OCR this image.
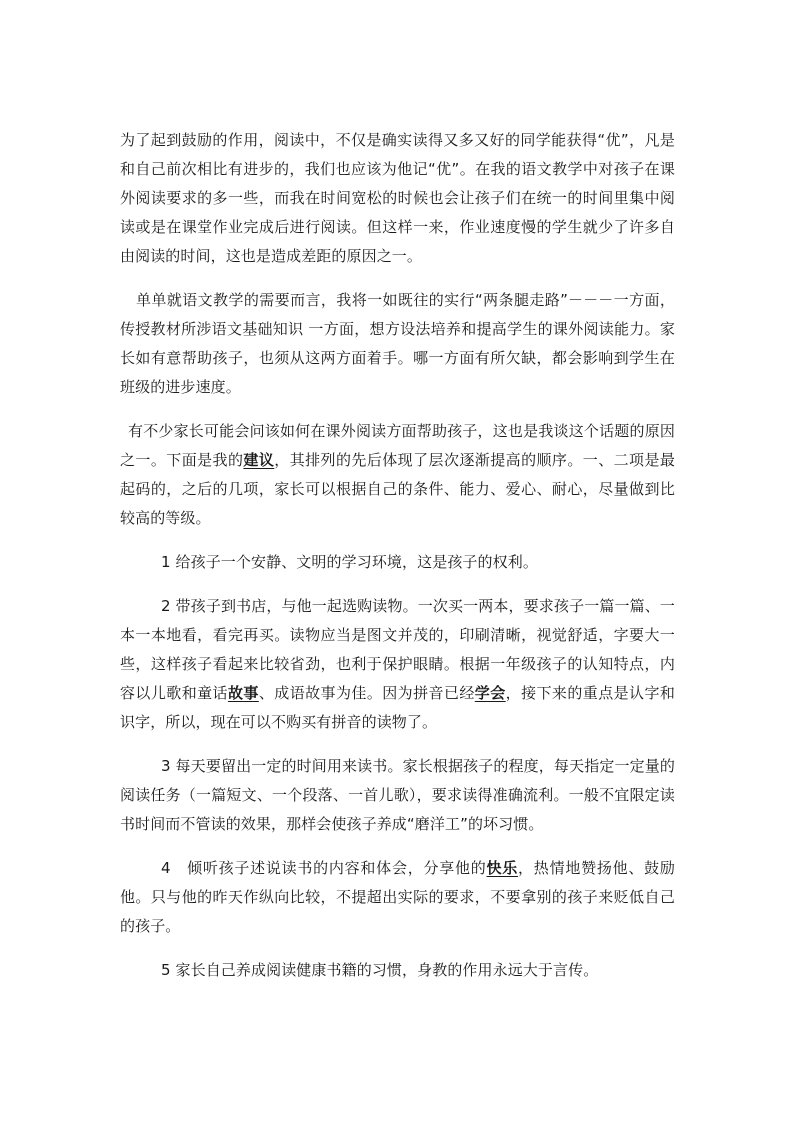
为了起到鼓励的作用，阅读中，不仅是确实读得又多又好的同学能获得“优”，凡是和自己前次相比有进步的，我们也应该为他记“优”。在我的语文教学中对孩子在课外阅读要求的多一些，而我在时间宽松的时候也会让孩子们在统一的时间里集中阅读或是在课堂作业完成后进行阅读。但这样一来，作业速度慢的学生就少了许多自由阅读的时间，这也是造成差距的原因之一。

单单就语文教学的需要而言，我将一如既往的实行“两条腿走路”－－－一方面，传授教材所涉语文基础知识 一方面，想方设法培养和提高学生的课外阅读能力。家长如有意帮助孩子，也须从这两方面着手。哪一方面有所欠缺，都会影响到学生在班级的进步速度。

有不少家长可能会问该如何在课外阅读方面帮助孩子，这也是我谈这个话题的原因之一。下面是我的建议，其排列的先后体现了层次逐渐提高的顺序。一、二项是最起码的，之后的几项，家长可以根据自己的条件、能力、爱心、耐心，尽量做到比较高的等级。

1 给孩子一个安静、文明的学习环境，这是孩子的权利。

2 带孩子到书店，与他一起选购读物。一次买一两本，要求孩子一篇一篇、一本一本地看，看完再买。读物应当是图文并茂的，印刷清晰，视觉舒适，字要大一些，这样孩子看起来比较省劲，也利于保护眼睛。根据一年级孩子的认知特点，内容以儿歌和童话故事、成语故事为佳。因为拼音已经学会，接下来的重点是认字和识字，所以，现在可以不购买有拼音的读物了。

3 每天要留出一定的时间用来读书。家长根据孩子的程度，每天指定一定量的阅读任务（一篇短文、一个段落、一首儿歌），要求读得准确流利。一般不宜限定读书时间而不管读的效果，那样会使孩子养成“磨洋工”的坏习惯。

4　倾听孩子述说读书的内容和体会，分享他的快乐，热情地赞扬他、鼓励他。只与他的昨天作纵向比较，不提超出实际的要求，不要拿别的孩子来贬低自己的孩子。

5 家长自己养成阅读健康书籍的习惯，身教的作用永远大于言传。
